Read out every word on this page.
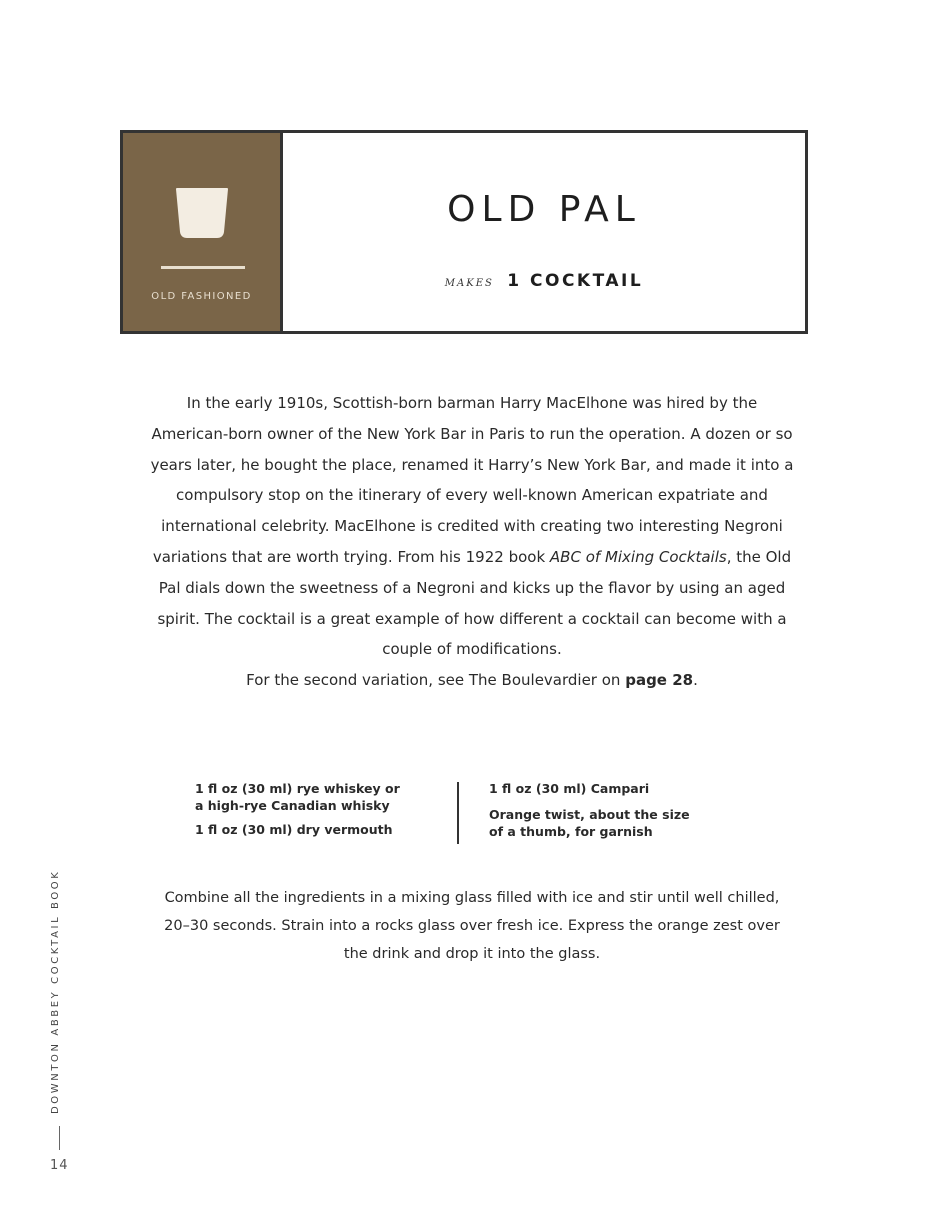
OLD FASHIONED
OLD PAL
MAKES 1 COCKTAIL

In the early 1910s, Scottish-born barman Harry MacElhone was hired by the American-born owner of the New York Bar in Paris to run the operation. A dozen or so years later, he bought the place, renamed it Harry’s New York Bar, and made it into a compulsory stop on the itinerary of every well-known American expatriate and international celebrity. MacElhone is credited with creating two interesting Negroni variations that are worth trying. From his 1922 book ABC of Mixing Cocktails, the Old Pal dials down the sweetness of a Negroni and kicks up the flavor by using an aged spirit. The cocktail is a great example of how different a cocktail can become with a couple of modifications.
For the second variation, see The Boulevardier on page 28.

1 fl oz (30 ml) rye whiskey or
a high-rye Canadian whisky
1 fl oz (30 ml) dry vermouth
1 fl oz (30 ml) Campari
Orange twist, about the size
of a thumb, for garnish

Combine all the ingredients in a mixing glass filled with ice and stir until well chilled, 20–30 seconds. Strain into a rocks glass over fresh ice. Express the orange zest over the drink and drop it into the glass.

DOWNTON ABBEY COCKTAIL BOOK
14
